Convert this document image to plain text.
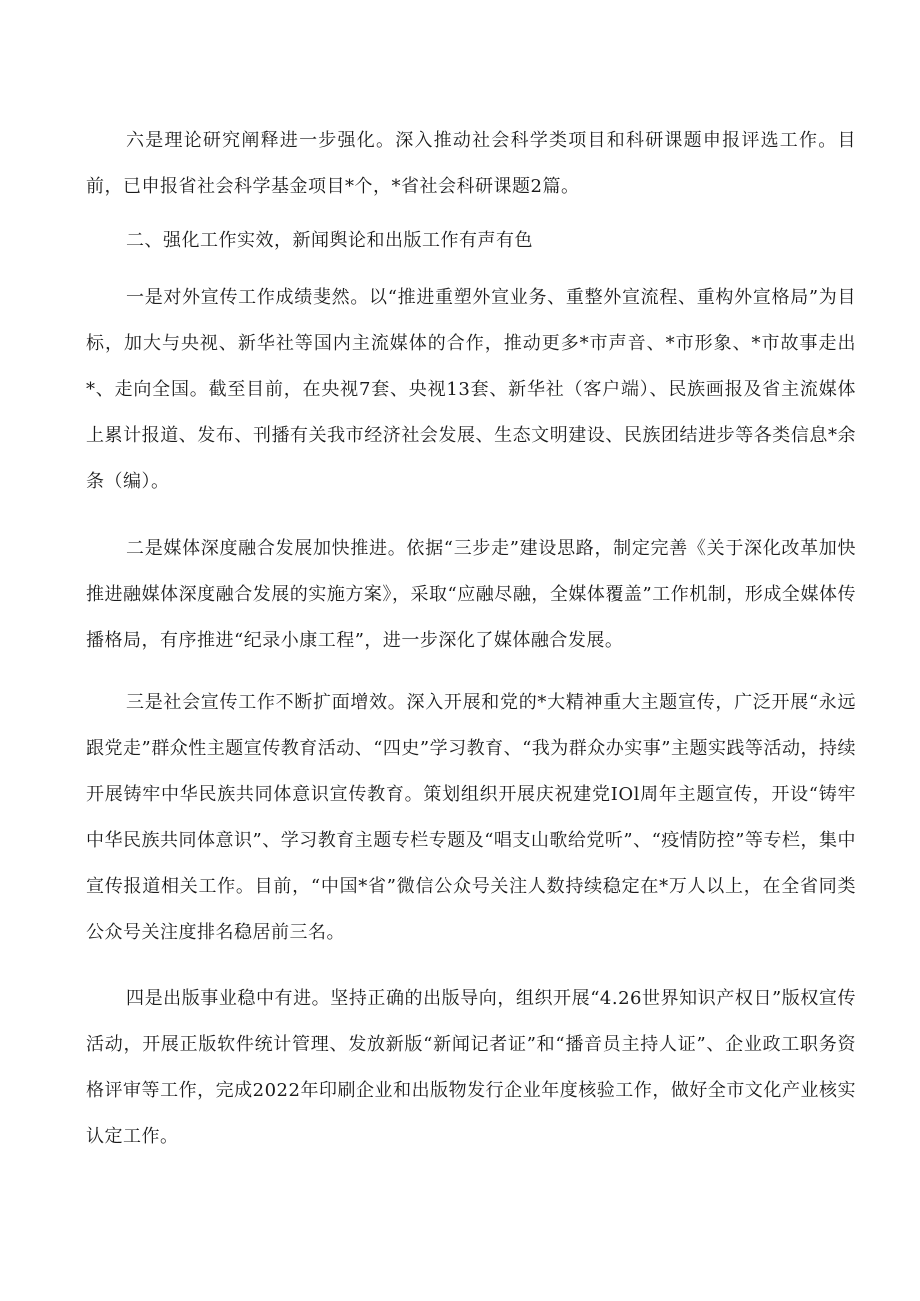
六是理论研究阐释进一步强化。深入推动社会科学类项目和科研课题申报评选工作。目前，已申报省社会科学基金项目*个，*省社会科研课题2篇。

二、强化工作实效，新闻舆论和出版工作有声有色

一是对外宣传工作成绩斐然。以“推进重塑外宣业务、重整外宣流程、重构外宣格局”为目标，加大与央视、新华社等国内主流媒体的合作，推动更多*市声音、*市形象、*市故事走出*、走向全国。截至目前，在央视7套、央视13套、新华社（客户端）、民族画报及省主流媒体上累计报道、发布、刊播有关我市经济社会发展、生态文明建设、民族团结进步等各类信息*余条（编）。

二是媒体深度融合发展加快推进。依据“三步走”建设思路，制定完善《关于深化改革加快推进融媒体深度融合发展的实施方案》，采取“应融尽融，全媒体覆盖”工作机制，形成全媒体传播格局，有序推进“纪录小康工程”，进一步深化了媒体融合发展。

三是社会宣传工作不断扩面增效。深入开展和党的*大精神重大主题宣传，广泛开展“永远跟党走”群众性主题宣传教育活动、“四史”学习教育、“我为群众办实事”主题实践等活动，持续开展铸牢中华民族共同体意识宣传教育。策划组织开展庆祝建党IOl周年主题宣传，开设“铸牢中华民族共同体意识”、学习教育主题专栏专题及“唱支山歌给党听”、“疫情防控”等专栏，集中宣传报道相关工作。目前，“中国*省”微信公众号关注人数持续稳定在*万人以上，在全省同类公众号关注度排名稳居前三名。

四是出版事业稳中有进。坚持正确的出版导向，组织开展“4.26世界知识产权日”版权宣传活动，开展正版软件统计管理、发放新版“新闻记者证”和“播音员主持人证”、企业政工职务资格评审等工作，完成2022年印刷企业和出版物发行企业年度核验工作，做好全市文化产业核实认定工作。
